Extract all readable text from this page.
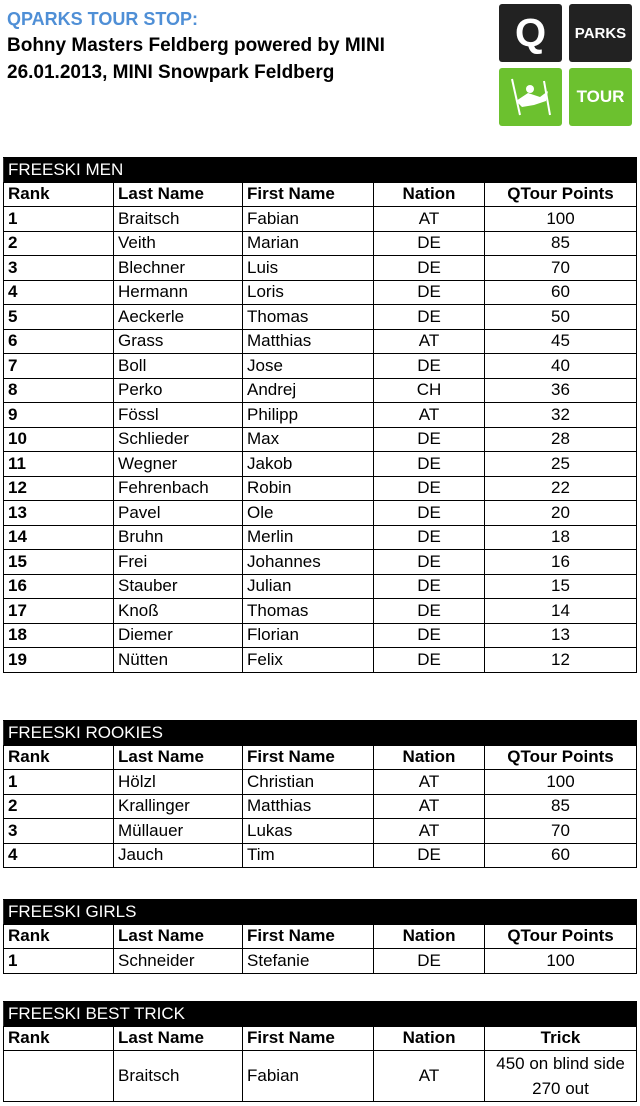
QPARKS TOUR STOP:
Bohny Masters Feldberg powered by MINI
26.01.2013, MINI Snowpark Feldberg
Q	PARKS
TOUR
FREESKI MEN				
Rank	Last Name	First Name	Nation	QTour Points
1	Braitsch	Fabian	AT	100
2	Veith	Marian	DE	85
3	Blechner	Luis	DE	70
4	Hermann	Loris	DE	60
5	Aeckerle	Thomas	DE	50
6	Grass	Matthias	AT	45
7	Boll	Jose	DE	40
8	Perko	Andrej	CH	36
9	Fössl	Philipp	AT	32
10	Schlieder	Max	DE	28
11	Wegner	Jakob	DE	25
12	Fehrenbach	Robin	DE	22
13	Pavel	Ole	DE	20
14	Bruhn	Merlin	DE	18
15	Frei	Johannes	DE	16
16	Stauber	Julian	DE	15
17	Knoß	Thomas	DE	14
18	Diemer	Florian	DE	13
19	Nütten	Felix	DE	12
FREESKI ROOKIES				
Rank	Last Name	First Name	Nation	QTour Points
1	Hölzl	Christian	AT	100
2	Krallinger	Matthias	AT	85
3	Müllauer	Lukas	AT	70
4	Jauch	Tim	DE	60
FREESKI GIRLS				
Rank	Last Name	First Name	Nation	QTour Points
1	Schneider	Stefanie	DE	100
FREESKI BEST TRICK				
Rank	Last Name	First Name	Nation	Trick
	Braitsch	Fabian	AT	450 on blind side 270 out
